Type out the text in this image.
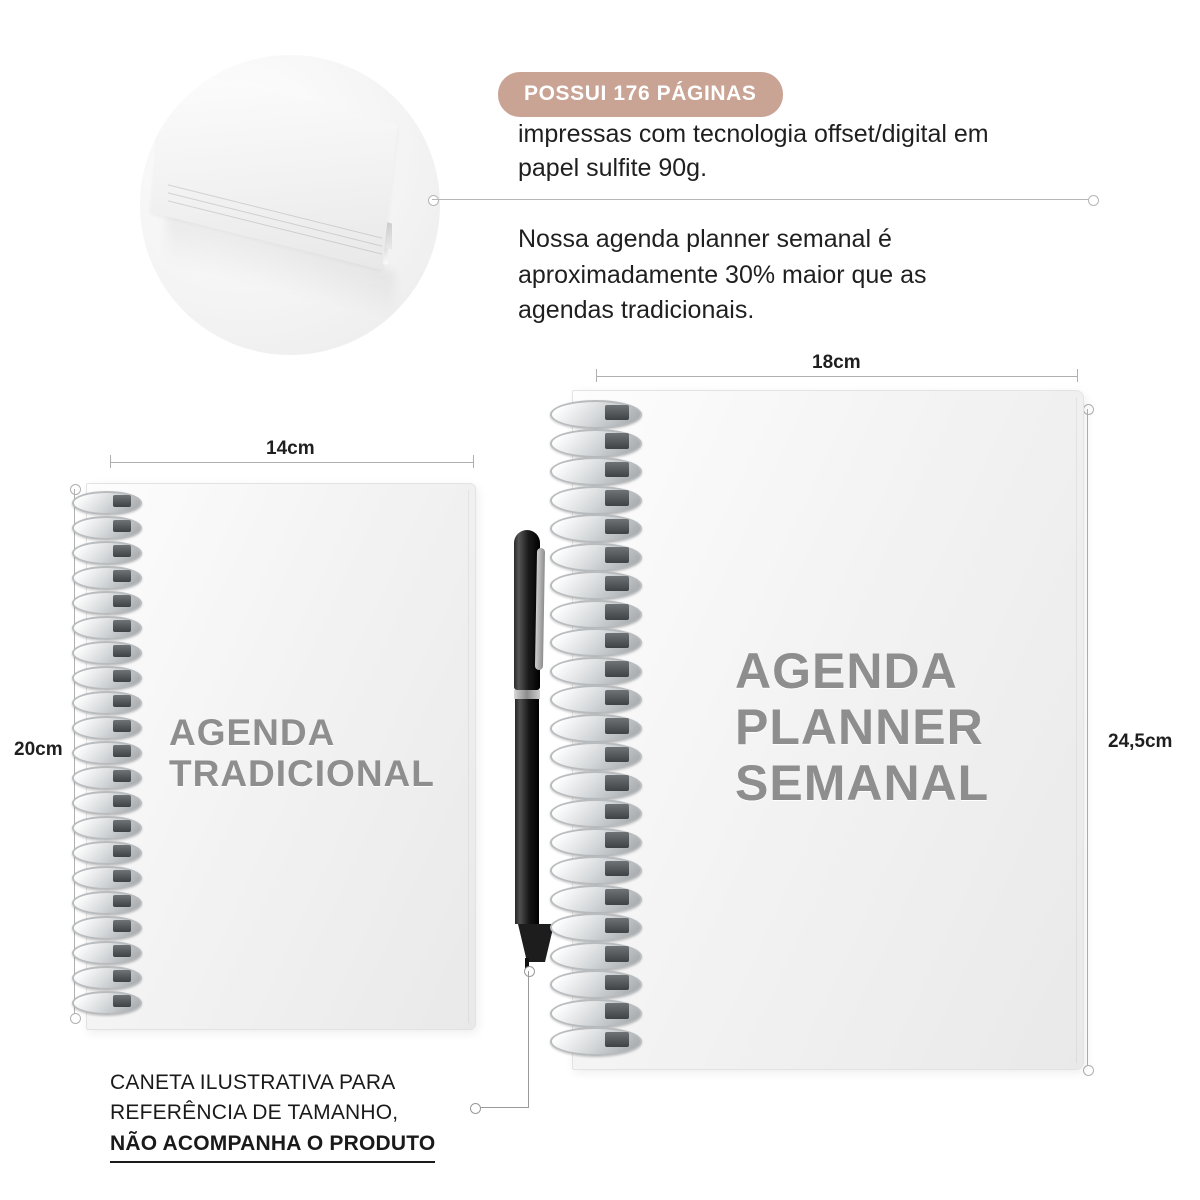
POSSUI 176 PÁGINAS
impressas com tecnologia offset/digital em papel sulfite 90g.
Nossa agenda planner semanal é aproximadamente 30% maior que as agendas tradicionais.
14cm
20cm	AGENDA TRADICIONAL
18cm
24,5cm
AGENDA PLANNER SEMANAL
CANETA ILUSTRATIVA PARA
REFERÊNCIA DE TAMANHO,
NÃO ACOMPANHA O PRODUTO
